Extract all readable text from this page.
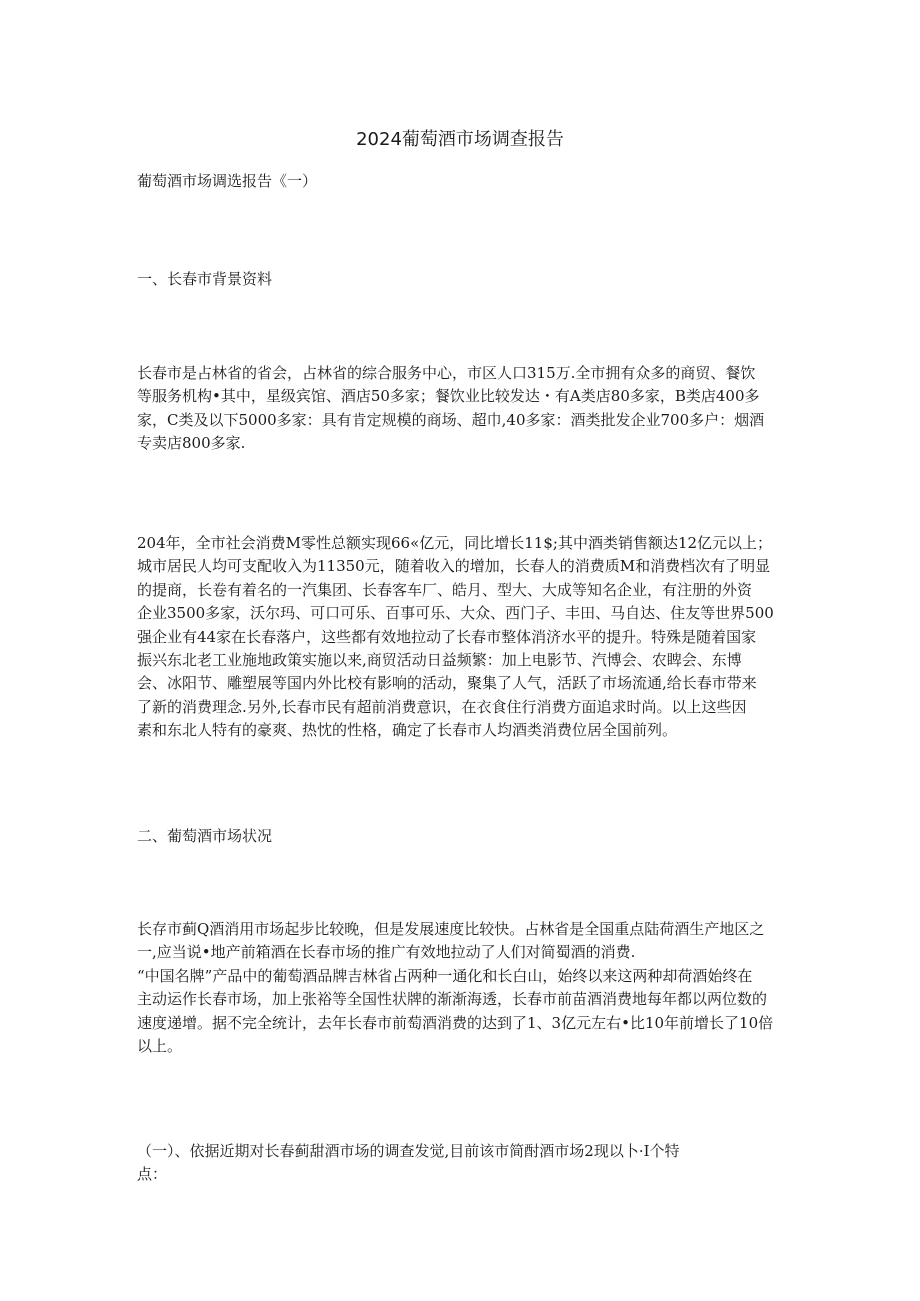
2024葡萄酒市场调查报告

葡萄酒市场调选报告《一）

一、长春市背景资料

长春市是占林省的省会，占林省的综合服务中心，市区人口315万.全市拥有众多的商贸、餐饮
等服务机构•其中，星级宾馆、酒店50多家；餐饮业比较发达・有A类店80多家，B类店400多
家，C类及以下5000多家：具有肯定规模的商场、超巾,40多家：酒类批发企业700多户：烟酒
专卖店800多家.

204年，全市社会消费M零性总额实现66«亿元，同比增长11$;其中酒类销售额达12亿元以上；
城市居民人均可支配收入为11350元，随着收入的增加，长春人的消费质M和消费档次有了明显
的提商，长卷有着名的一汽集团、长春客车厂、皓月、型大、大成等知名企业，有注册的外资
企业3500多家，沃尔玛、可口可乐、百事可乐、大众、西门子、丰田、马自达、住友等世界500
强企业有44家在长春落户，这些都有效地拉动了长春市整体消济水平的提升。特殊是随着国家
振兴东北老工业施地政策实施以来,商贸活动日益频繁：加上电影节、汽博会、农睥会、东博
会、冰阳节、雕塑展等国内外比校有影响的活动，聚集了人气，活跃了市场流通,给长春市带来
了新的消费理念.另外,长春市民有超前消费意识，在衣食住行消费方面追求时尚。以上这些因
素和东北人特有的豪爽、热忱的性格，确定了长春市人均酒类消费位居全国前列。

二、葡萄酒市场状况

长存市蓟Q酒消用市场起步比较晚，但是发展速度比较快。占林省是全国重点陆荷酒生产地区之
一,应当说•地产前箱酒在长春市场的推广有效地拉动了人们对简蜀酒的消费.
“中国名牌”产品中的葡萄酒品牌吉林省占两种一通化和长白山，始终以来这两种却荷酒始终在
主动运作长春市场，加上张裕等全国性状牌的渐渐海透，长春市前苗酒消费地每年都以两位数的
速度递增。据不完全统计，去年长春市前萄酒消费的达到了1、3亿元左右•比10年前增长了10倍
以上。

（一）、依据近期对长春蓟甜酒市场的调查发觉,目前该市简酎酒市场2现以卜·I个特
点：
